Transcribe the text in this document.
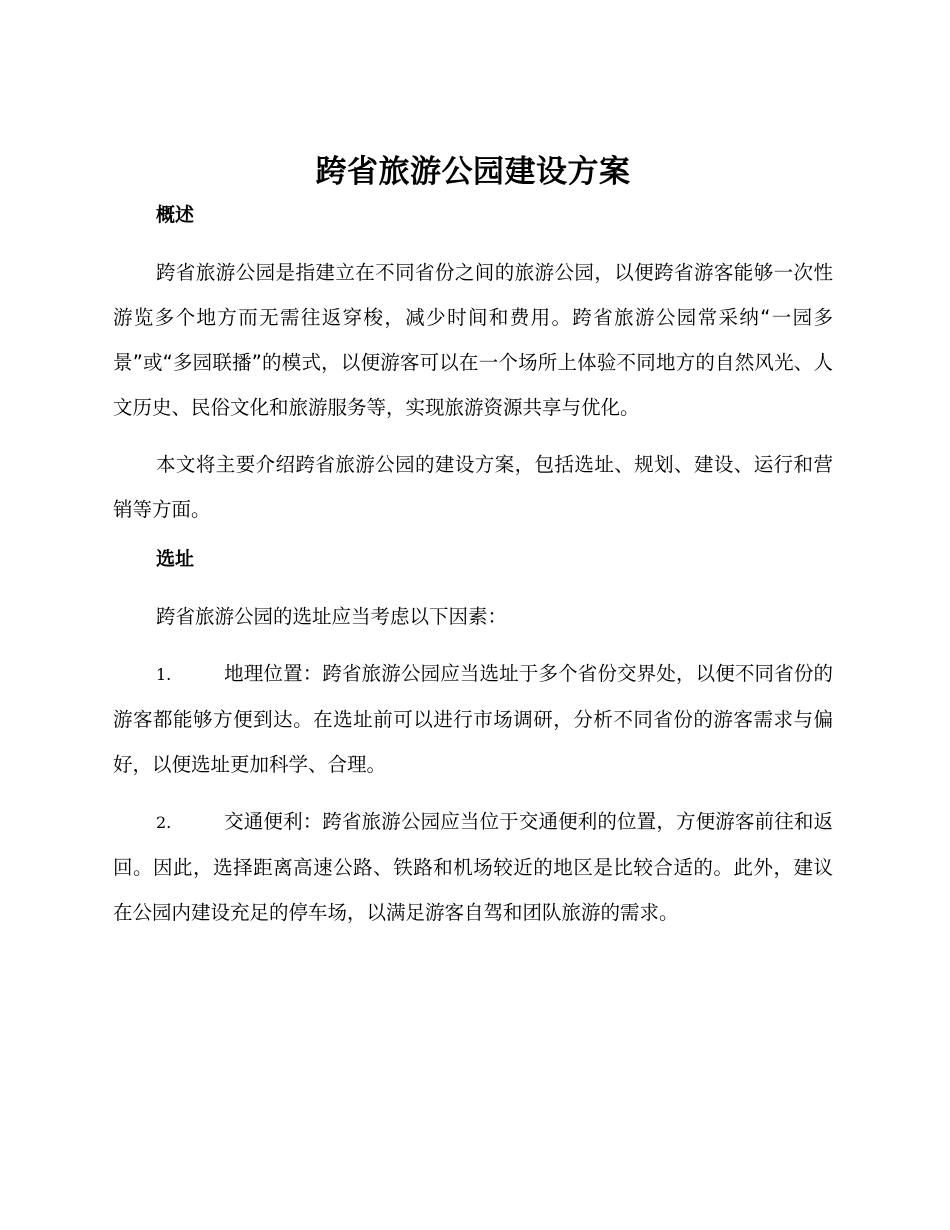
跨省旅游公园建设方案
概述

跨省旅游公园是指建立在不同省份之间的旅游公园，以便跨省游客能够一次性游览多个地方而无需往返穿梭，减少时间和费用。跨省旅游公园常采纳“一园多景”或“多园联播”的模式，以便游客可以在一个场所上体验不同地方的自然风光、人文历史、民俗文化和旅游服务等，实现旅游资源共享与优化。

本文将主要介绍跨省旅游公园的建设方案，包括选址、规划、建设、运行和营销等方面。

选址

跨省旅游公园的选址应当考虑以下因素：

1.	地理位置：跨省旅游公园应当选址于多个省份交界处，以便不同省份的游客都能够方便到达。在选址前可以进行市场调研，分析不同省份的游客需求与偏好，以便选址更加科学、合理。

2.	交通便利：跨省旅游公园应当位于交通便利的位置，方便游客前往和返回。因此，选择距离高速公路、铁路和机场较近的地区是比较合适的。此外，建议在公园内建设充足的停车场，以满足游客自驾和团队旅游的需求。
